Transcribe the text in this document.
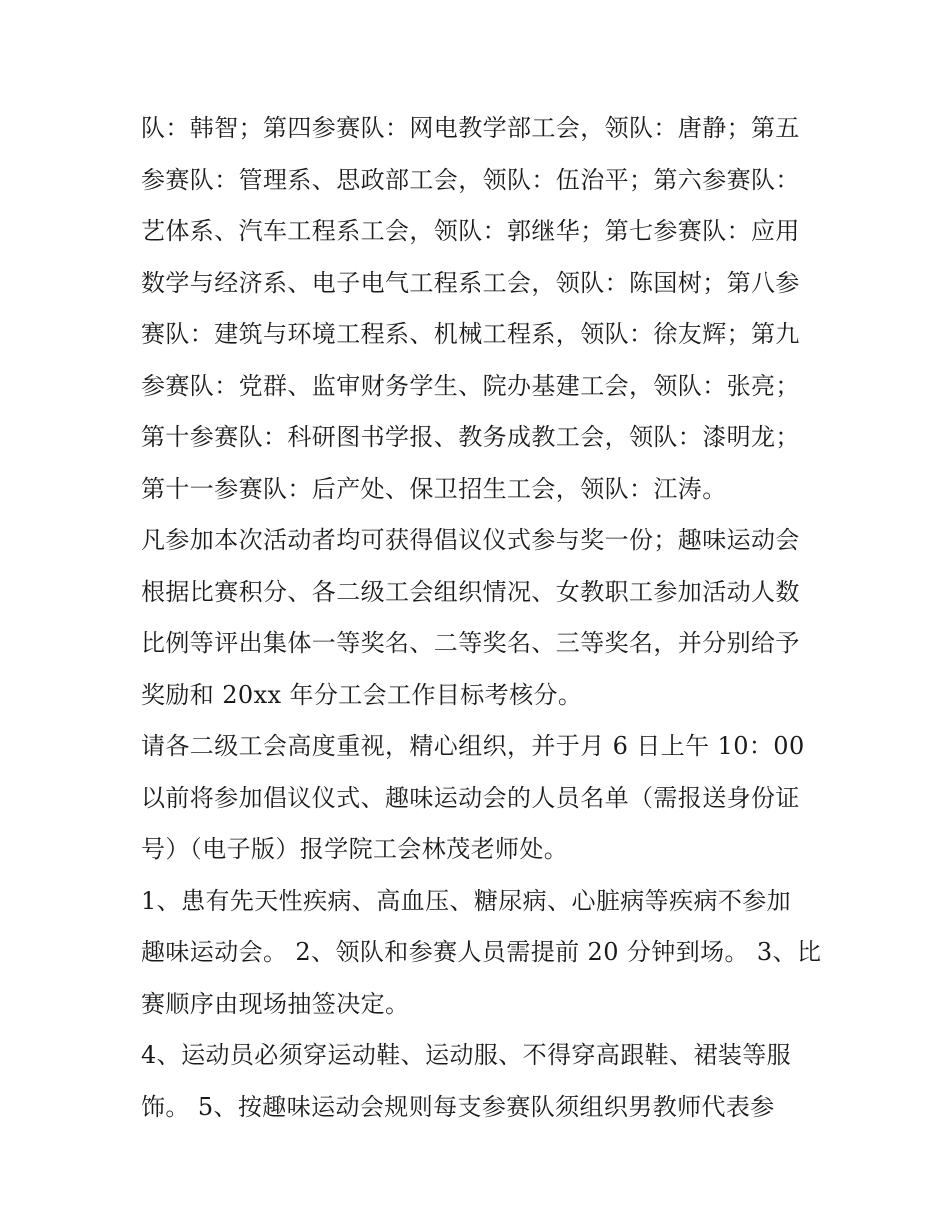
队：韩智；第四参赛队：网电教学部工会，领队：唐静；第五
参赛队：管理系、思政部工会，领队：伍治平；第六参赛队：
艺体系、汽车工程系工会，领队：郭继华；第七参赛队：应用
数学与经济系、电子电气工程系工会，领队：陈国树；第八参
赛队：建筑与环境工程系、机械工程系，领队：徐友辉；第九
参赛队：党群、监审财务学生、院办基建工会，领队：张亮；
第十参赛队：科研图书学报、教务成教工会，领队：漆明龙；
第十一参赛队：后产处、保卫招生工会，领队：江涛。

凡参加本次活动者均可获得倡议仪式参与奖一份；趣味运动会
根据比赛积分、各二级工会组织情况、女教职工参加活动人数
比例等评出集体一等奖名、二等奖名、三等奖名，并分别给予
奖励和 20xx 年分工会工作目标考核分。

请各二级工会高度重视，精心组织，并于月 6 日上午 10：00
以前将参加倡议仪式、趣味运动会的人员名单（需报送身份证
号）（电子版）报学院工会林茂老师处。

1、患有先天性疾病、高血压、糖尿病、心脏病等疾病不参加
趣味运动会。 2、领队和参赛人员需提前 20 分钟到场。 3、比
赛顺序由现场抽签决定。

4、运动员必须穿运动鞋、运动服、不得穿高跟鞋、裙装等服
饰。 5、按趣味运动会规则每支参赛队须组织男教师代表参
